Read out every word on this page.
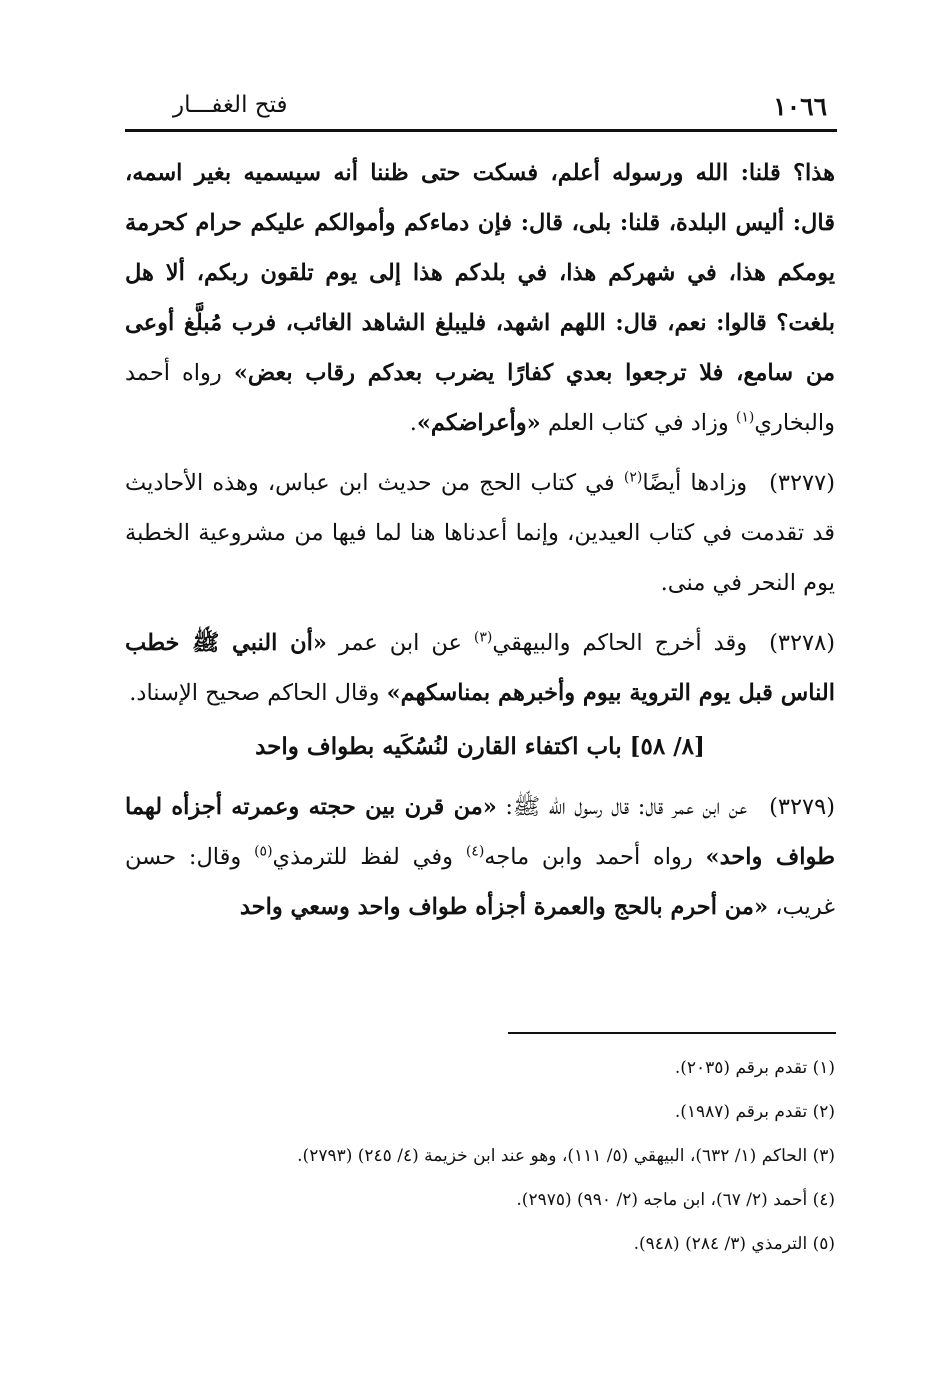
١٠٦٦
فتح الغفـــار

هذا؟ قلنا: الله ورسوله أعلم، فسكت حتى ظننا أنه سيسميه بغير اسمه، قال: أليس البلدة، قلنا: بلى، قال: فإن دماءكم وأموالكم عليكم حرام كحرمة يومكم هذا، في شهركم هذا، في بلدكم هذا إلى يوم تلقون ربكم، ألا هل بلغت؟ قالوا: نعم، قال: اللهم اشهد، فليبلغ الشاهد الغائب، فرب مُبلَّغ أوعى من سامع، فلا ترجعوا بعدي كفارًا يضرب بعدكم رقاب بعض» رواه أحمد والبخاري$^{(١)}$ وزاد في كتاب العلم «وأعراضكم».

(٣٢٧٧)وزادها أيضًا$^{(٢)}$ في كتاب الحج من حديث ابن عباس، وهذه الأحاديث قد تقدمت في كتاب العيدين، وإنما أعدناها هنا لما فيها من مشروعية الخطبة يوم النحر في منى.

(٣٢٧٨)وقد أخرج الحاكم والبيهقي$^{(٣)}$ عن ابن عمر «أن النبي ﷺ خطب الناس قبل يوم التروية بيوم وأخبرهم بمناسكهم» وقال الحاكم صحيح الإسناد.

[٨/ ٥٨] باب اكتفاء القارن لنُسُكَيه بطواف واحد

(٣٢٧٩)عن ابن عمر قال: قال رسول الله ﷺ: «من قرن بين حجته وعمرته أجزأه لهما طواف واحد» رواه أحمد وابن ماجه$^{(٤)}$ وفي لفظ للترمذي$^{(٥)}$ وقال: حسن غريب، «من أحرم بالحج والعمرة أجزأه طواف واحد وسعي واحد

(١) تقدم برقم (٢٠٣٥).
(٢) تقدم برقم (١٩٨٧).
(٣) الحاكم (١/ ٦٣٢)، البيهقي (٥/ ١١١)، وهو عند ابن خزيمة (٤/ ٢٤٥) (٢٧٩٣).
(٤) أحمد (٢/ ٦٧)، ابن ماجه (٢/ ٩٩٠) (٢٩٧٥).
(٥) الترمذي (٣/ ٢٨٤) (٩٤٨).
